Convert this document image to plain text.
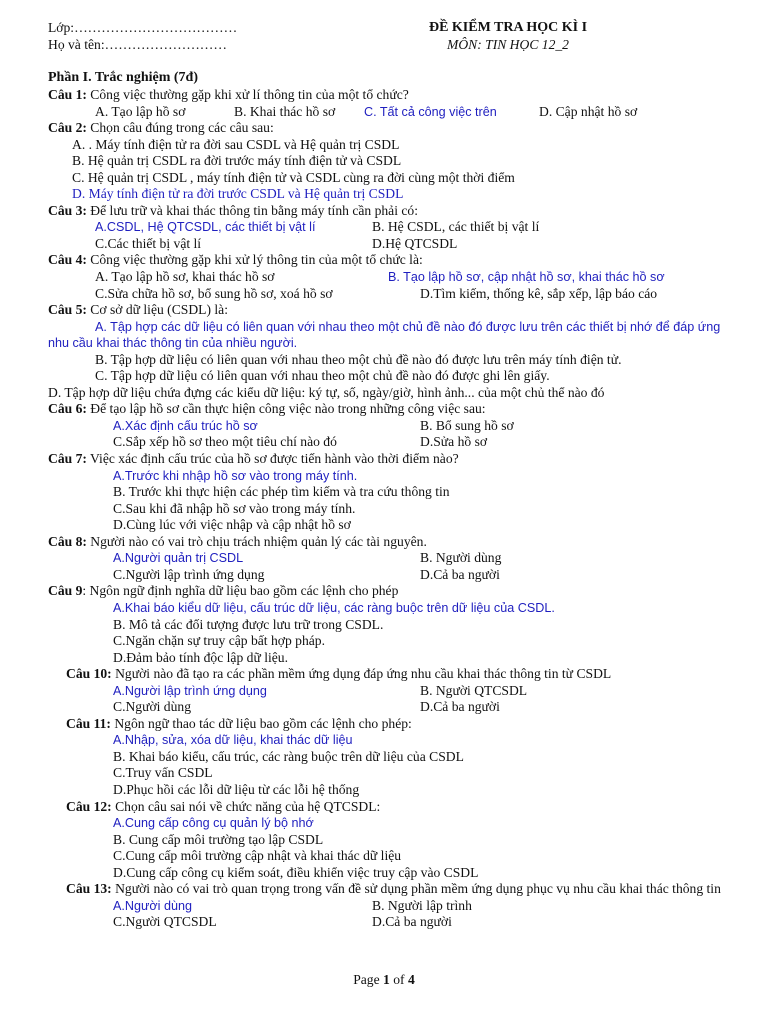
Lớp:………………………………
Họ và tên:………………………
ĐỀ KIỂM TRA HỌC KÌ I
MÔN: TIN HỌC 12_2
Phần I. Trắc nghiệm (7đ)
Câu 1: Công việc thường gặp khi xử lí thông tin của một tổ chức?
A. Tạo lập hồ sơ	B. Khai thác hồ sơ C. Tất cả công việc trên	D. Cập nhật hồ sơ
Câu 2: Chọn câu đúng trong các câu sau:
A. . Máy tính điện tử ra đời sau CSDL và Hệ quản trị CSDL
B. Hệ quản trị CSDL ra đời trước máy tính điện tử và CSDL
C. Hệ quản trị CSDL , máy tính điện tử và CSDL cùng ra đời cùng một thời điểm
D. Máy tính điện tử ra đời trước CSDL và Hệ quản trị CSDL
Câu 3: Để lưu trữ và khai thác thông tin bằng máy tính cần phải có:
A.CSDL, Hệ QTCSDL, các thiết bị vật lí	B. Hệ CSDL, các thiết bị vật lí
C.Các thiết bị vật lí	D.Hệ QTCSDL
Câu 4: Công việc thường gặp khi xử lý thông tin của một tổ chức là:
A. Tạo lập hồ sơ, khai thác hồ sơ	B. Tạo lập hồ sơ, cập nhật hồ sơ, khai thác hồ sơ
C.Sửa chữa hồ sơ, bổ sung hồ sơ, xoá hồ sơ	D.Tìm kiếm, thống kê, sắp xếp, lập báo cáo
Câu 5: Cơ sở dữ liệu (CSDL) là:
A. Tập hợp các dữ liệu có liên quan với nhau theo một chủ đề nào đó được lưu trên các thiết bị nhớ để đáp ứng nhu cầu khai thác thông tin của nhiều người.
B. Tập hợp dữ liệu có liên quan với nhau theo một chủ đề nào đó được lưu trên máy tính điện tử.
C. Tập hợp dữ liệu có liên quan với nhau theo một chủ đề nào đó được ghi lên giấy.
D. Tập hợp dữ liệu chứa đựng các kiểu dữ liệu: ký tự, số, ngày/giờ, hình ảnh... của một chủ thể nào đó
Câu 6: Để tạo lập hồ sơ cần thực hiện công việc nào trong những công việc sau:
A.Xác định cấu trúc hồ sơ	B. Bổ sung hồ sơ
C.Sắp xếp hồ sơ theo một tiêu chí nào đó	D.Sửa hồ sơ
Câu 7: Việc xác định cấu trúc của hồ sơ được tiến hành vào thời điểm nào?
A.Trước khi nhập hồ sơ vào trong máy tính.
B. Trước khi thực hiện các phép tìm kiếm và tra cứu thông tin
C.Sau khi đã nhập hồ sơ vào trong máy tính.
D.Cùng lúc với việc nhập và cập nhật hồ sơ
Câu 8: Người nào có vai trò chịu trách nhiệm quản lý các tài nguyên.
A.Người quản trị CSDL	B. Người dùng
C.Người lập trình ứng dụng	D.Cả ba người
Câu 9: Ngôn ngữ định nghĩa dữ liệu bao gồm các lệnh cho phép
A.Khai báo kiểu dữ liệu, cấu trúc dữ liệu, các ràng buộc trên dữ liệu của CSDL.
B. Mô tả các đối tượng được lưu trữ trong CSDL.
C.Ngăn chặn sự truy cập bất hợp pháp.
D.Đảm bảo tính độc lập dữ liệu.
Câu 10: Người nào đã tạo ra các phần mềm ứng dụng đáp ứng nhu cầu khai thác thông tin từ CSDL
A.Người lập trình ứng dụng	B. Người QTCSDL
C.Người dùng	D.Cả ba người
Câu 11: Ngôn ngữ thao tác dữ liệu bao gồm các lệnh cho phép:
A.Nhập, sửa, xóa dữ liệu, khai thác dữ liệu
B. Khai báo kiểu, cấu trúc, các ràng buộc trên dữ liệu của CSDL
C.Truy vấn CSDL
D.Phục hồi các lỗi dữ liệu từ các lỗi hệ thống
Câu 12: Chọn câu sai nói về chức năng của hệ QTCSDL:
A.Cung cấp công cụ quản lý bộ nhớ
B. Cung cấp môi trường tạo lập CSDL
C.Cung cấp môi trường cập nhật và khai thác dữ liệu
D.Cung cấp công cụ kiểm soát, điều khiển việc truy cập vào CSDL
Câu 13: Người nào có vai trò quan trọng trong vấn đề sử dụng phần mềm ứng dụng phục vụ nhu cầu khai thác thông tin
A.Người dùng	B. Người lập trình
C.Người QTCSDL	D.Cả ba người
Page 1 of 4
